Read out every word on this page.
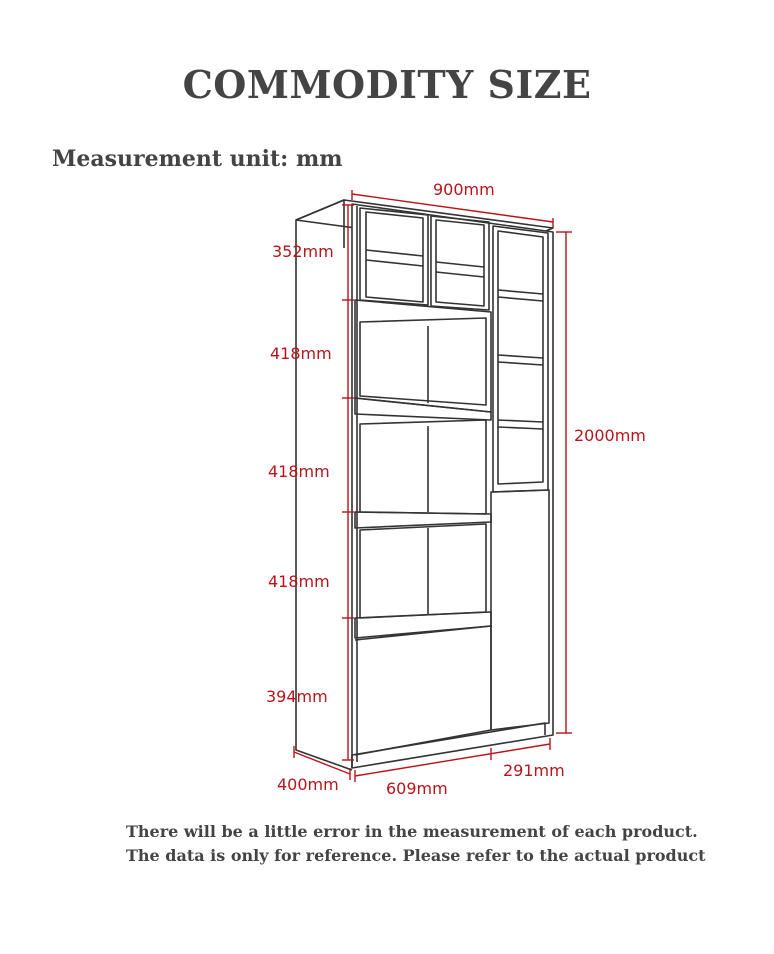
COMMODITY SIZE
Measurement unit: mm
900mm
352mm
418mm
418mm
418mm
394mm
2000mm
400mm	609mm
291mm
There will be a little error in the measurement of each product.
The data is only for reference. Please refer to the actual product
